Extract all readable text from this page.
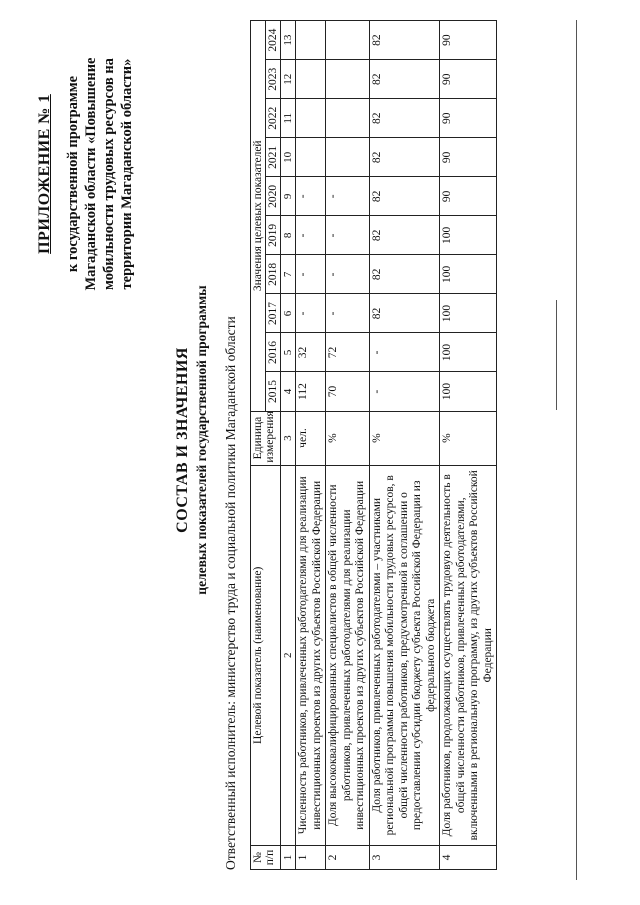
ПРИЛОЖЕНИЕ № 1 к государственной программе Магаданской области «Повышение мобильности трудовых ресурсов на территории Магаданской области»
СОСТАВ И ЗНАЧЕНИЯ целевых показателей государственной программы Ответственный исполнитель: министерство труда и социальной политики Магаданской области № п/п	Целевой показатель (наименование)	Единица измерения	Значения целевых показателей									
			2015	2016	2017	2018	2019	2020	2021	2022	2023	2024
1	2	3	4	5	6	7	8	9	10	11	12	13
1	Численность работников, привлеченных работодателями для реализации инвестиционных проектов из других субъектов Российской Федерации	чел.	112	32	-	-	-	-				
2	Доля высококвалифицированных специалистов в общей численности работников, привлеченных работодателями для реализации инвестиционных проектов из других субъектов Российской Федерации	%	70	72	-	-	-	-				
3	Доля работников, привлеченных работодателями – участниками региональной программы повышения мобильности трудовых ресурсов, в общей численности работников, предусмотренной в соглашении о предоставлении субсидии бюджету субъекта Российской Федерации из федерального бюджета	%	-	-	82	82	82	82	82	82	82	82
4	Доля работников, продолжающих осуществлять трудовую деятельность в общей численности работников, привлеченных работодателями, включенными в региональную программу, из других субъектов Российской Федерации	%	100	100	100	100	100	90	90	90	90	90
